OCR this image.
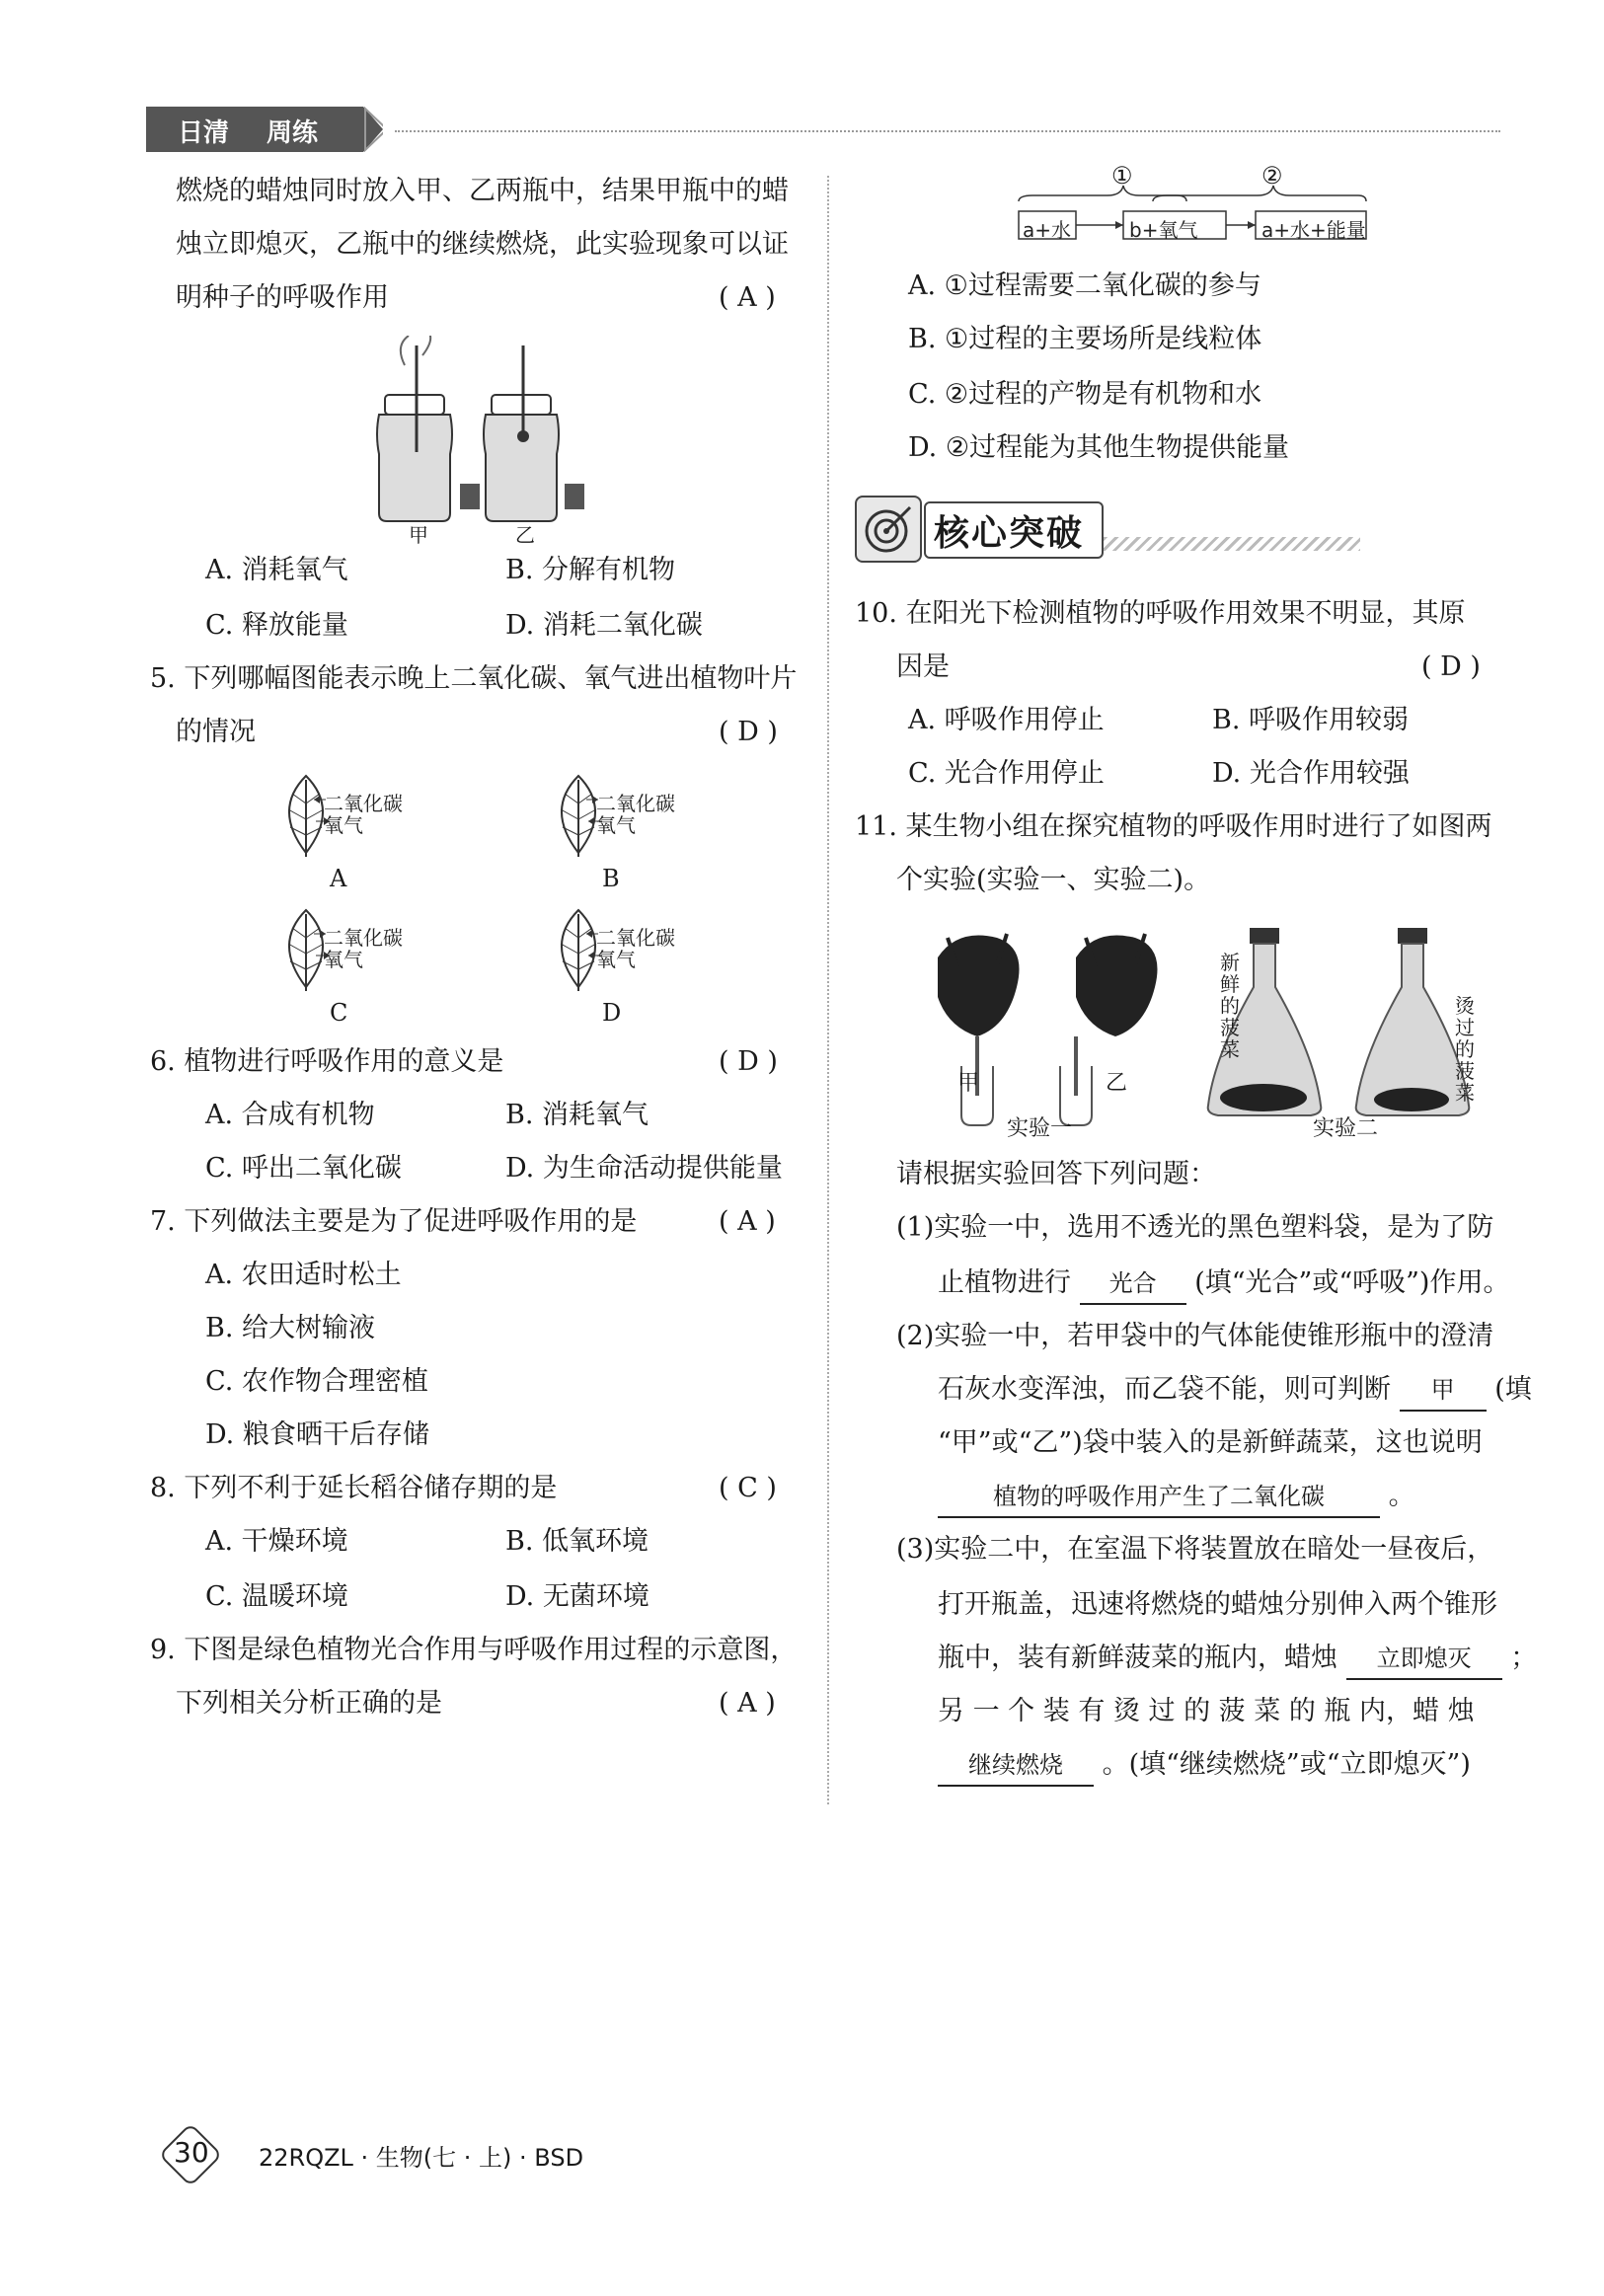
日清 周练
燃烧的蜡烛同时放入甲、乙两瓶中，结果甲瓶中的蜡
烛立即熄灭，乙瓶中的继续燃烧，此实验现象可以证
明种子的呼吸作用	( A )
甲	乙
A. 消耗氧气	B. 分解有机物
C. 释放能量	D. 消耗二氧化碳
5. 下列哪幅图能表示晚上二氧化碳、氧气进出植物叶片
的情况	( D )
二氧化碳
氧气
A
二氧化碳
氧气
B
二氧化碳
氧气
C
二氧化碳
氧气
D
6. 植物进行呼吸作用的意义是	( D )
A. 合成有机物	B. 消耗氧气
C. 呼出二氧化碳	D. 为生命活动提供能量
7. 下列做法主要是为了促进呼吸作用的是	( A )
A. 农田适时松土
B. 给大树输液
C. 农作物合理密植
D. 粮食晒干后存储
8. 下列不利于延长稻谷储存期的是	( C )
A. 干燥环境	B. 低氧环境
C. 温暖环境	D. 无菌环境
9. 下图是绿色植物光合作用与呼吸作用过程的示意图，
下列相关分析正确的是	( A )
①	②
a+水	b+氧气	a+水+能量
A. ①过程需要二氧化碳的参与
B. ①过程的主要场所是线粒体
C. ②过程的产物是有机物和水
D. ②过程能为其他生物提供能量
核心突破
10. 在阳光下检测植物的呼吸作用效果不明显，其原
因是	( D )
A. 呼吸作用停止	B. 呼吸作用较弱
C. 光合作用停止	D. 光合作用较强
11. 某生物小组在探究植物的呼吸作用时进行了如图两
个实验(实验一、实验二)。
甲	乙
实验一	实验二
新鲜的菠菜
烫过的菠菜
请根据实验回答下列问题：
(1)实验一中，选用不透光的黑色塑料袋，是为了防
止植物进行 光合 (填“光合”或“呼吸”)作用。
(2)实验一中，若甲袋中的气体能使锥形瓶中的澄清
石灰水变浑浊，而乙袋不能，则可判断 甲 (填
“甲”或“乙”)袋中装入的是新鲜蔬菜，这也说明
植物的呼吸作用产生了二氧化碳 。
(3)实验二中，在室温下将装置放在暗处一昼夜后，
打开瓶盖，迅速将燃烧的蜡烛分别伸入两个锥形
瓶中，装有新鲜菠菜的瓶内，蜡烛 立即熄灭 ；
另 一 个 装 有 烫 过 的 菠 菜 的 瓶 内，蜡 烛
继续燃烧 。(填“继续燃烧”或“立即熄灭”)
30 22RQZL · 生物(七 · 上) · BSD
